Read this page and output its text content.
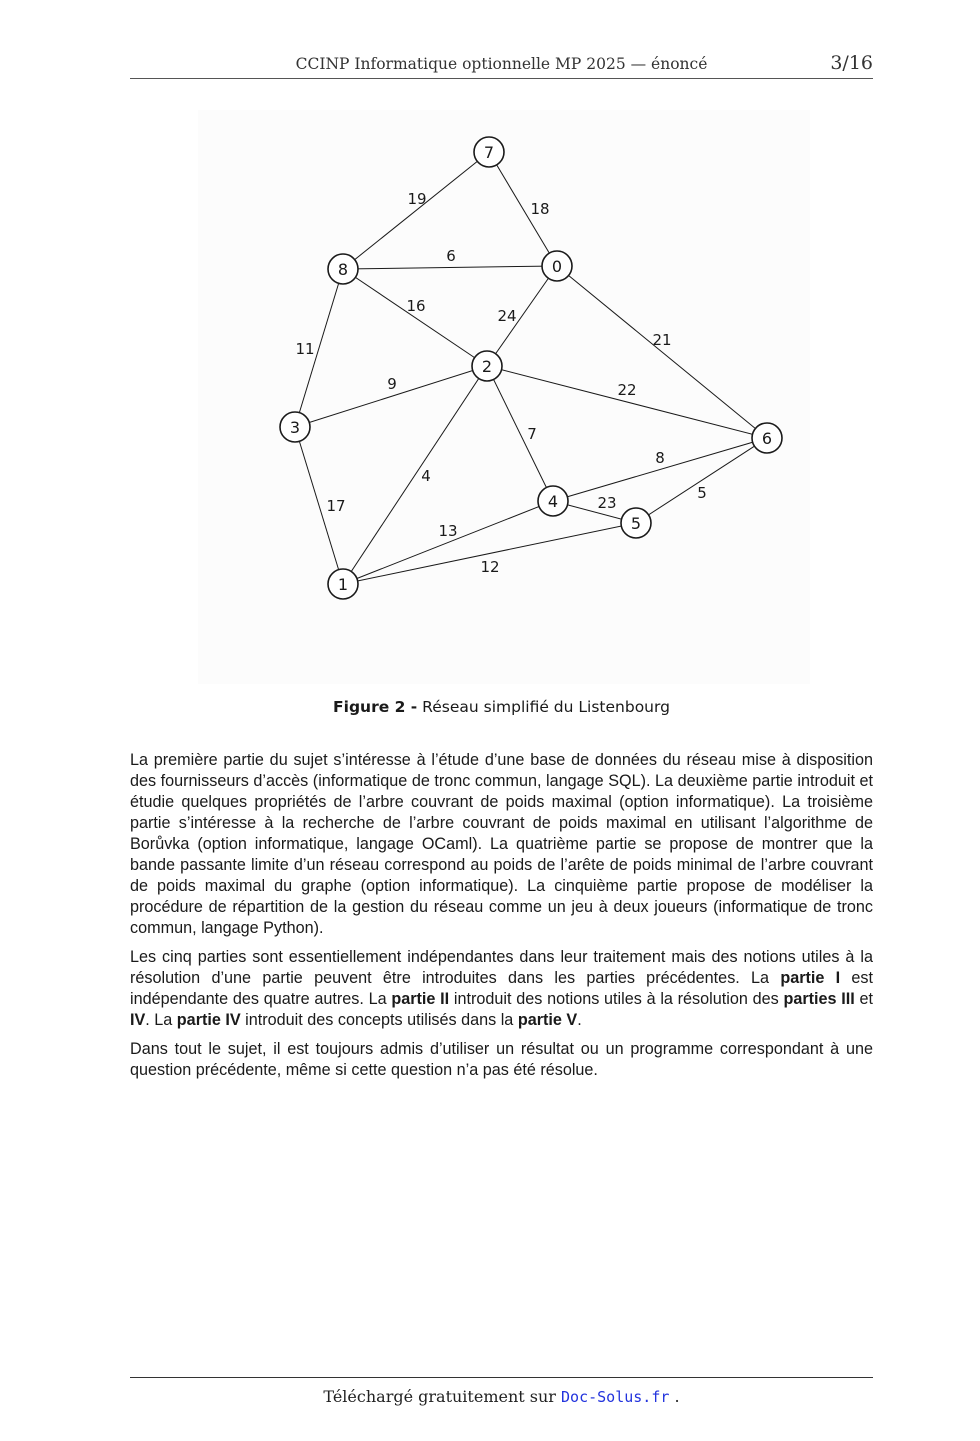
CCINP Informatique optionnelle MP 2025 — énoncé	3/16
19
18
6
16
24
21
11
9	22
7
4
17
8
5
23
13
12
0
1
2
3
4
5
6
7
8
Figure 2 - Réseau simplifié du Listenbourg

La première partie du sujet s’intéresse à l’étude d’une base de données du réseau mise à disposition des fournisseurs d’accès (informatique de tronc commun, langage SQL). La deuxième partie introduit et étudie quelques propriétés de l’arbre couvrant de poids maximal (option informatique). La troisième partie s’intéresse à la recherche de l’arbre couvrant de poids maximal en utilisant l’algorithme de Borůvka (option informatique, langage OCaml). La quatrième partie se propose de montrer que la bande passante limite d’un réseau correspond au poids de l’arête de poids minimal de l’arbre couvrant de poids maximal du graphe (option informatique). La cinquième partie propose de modéliser la procédure de répartition de la gestion du réseau comme un jeu à deux joueurs (informatique de tronc commun, langage Python).

Les cinq parties sont essentiellement indépendantes dans leur traitement mais des notions utiles à la résolution d’une partie peuvent être introduites dans les parties précédentes. La partie I est indépendante des quatre autres. La partie II introduit des notions utiles à la résolution des parties III et IV. La partie IV introduit des concepts utilisés dans la partie V.

Dans tout le sujet, il est toujours admis d’utiliser un résultat ou un programme correspondant à une question précédente, même si cette question n’a pas été résolue.

Téléchargé gratuitement sur Doc-Solus.fr .
